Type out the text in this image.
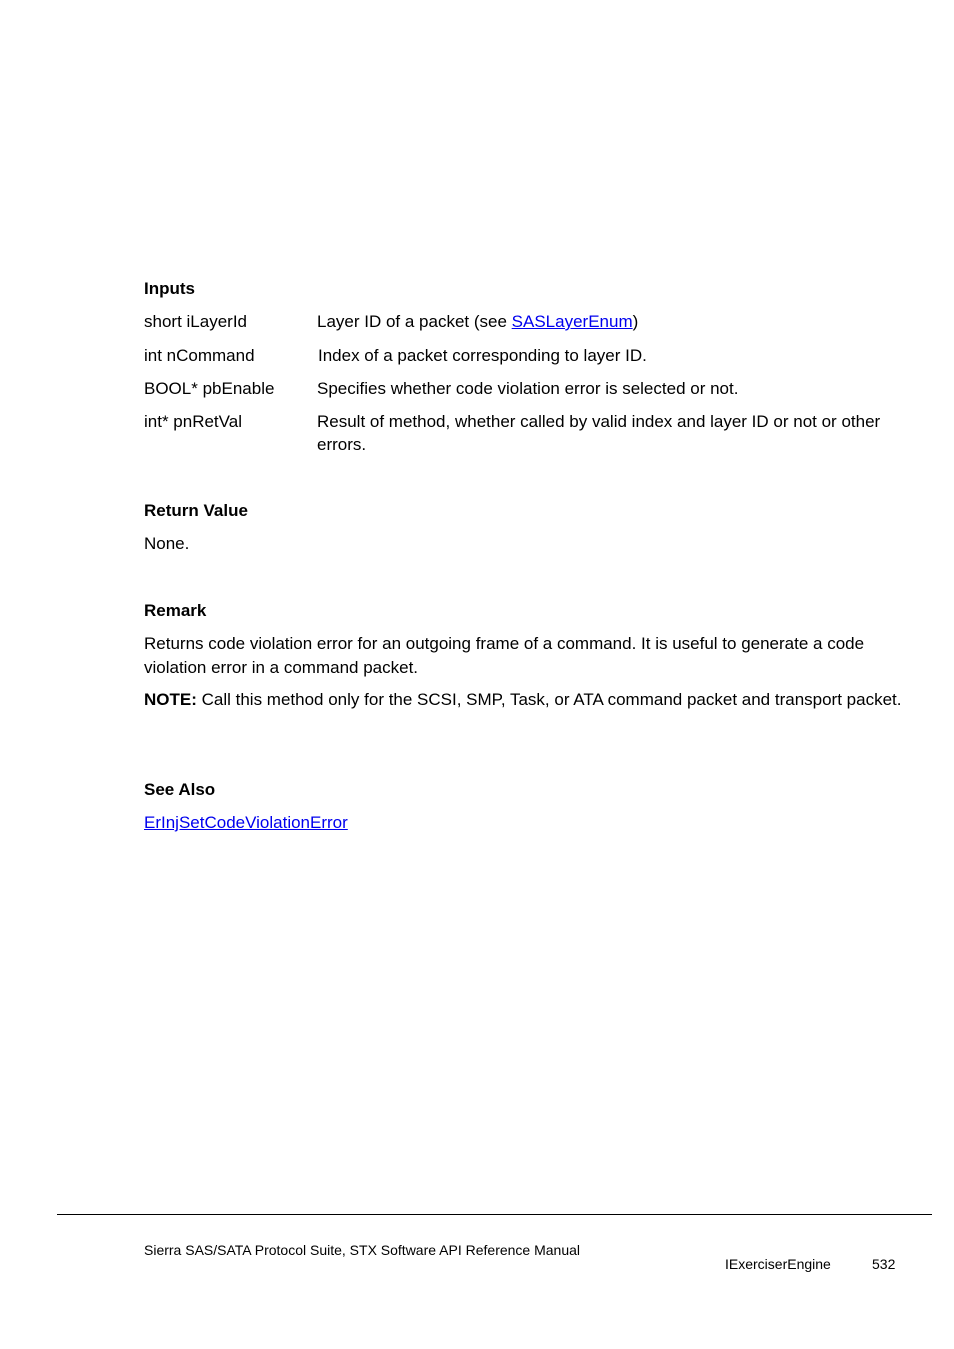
Inputs
short iLayerId	Layer ID of a packet (see SASLayerEnum)
int nCommand	Index of a packet corresponding to layer ID.
BOOL* pbEnable	Specifies whether code violation error is selected or not.
int* pnRetVal	Result of method, whether called by valid index and layer ID or not or other errors.
Return Value
None.
Remark
Returns code violation error for an outgoing frame of a command. It is useful to generate a code violation error in a command packet.
NOTE: Call this method only for the SCSI, SMP, Task, or ATA command packet and transport packet.
See Also
ErInjSetCodeViolationError
Sierra SAS/SATA Protocol Suite, STX Software API Reference Manual
IExerciserEngine	532
